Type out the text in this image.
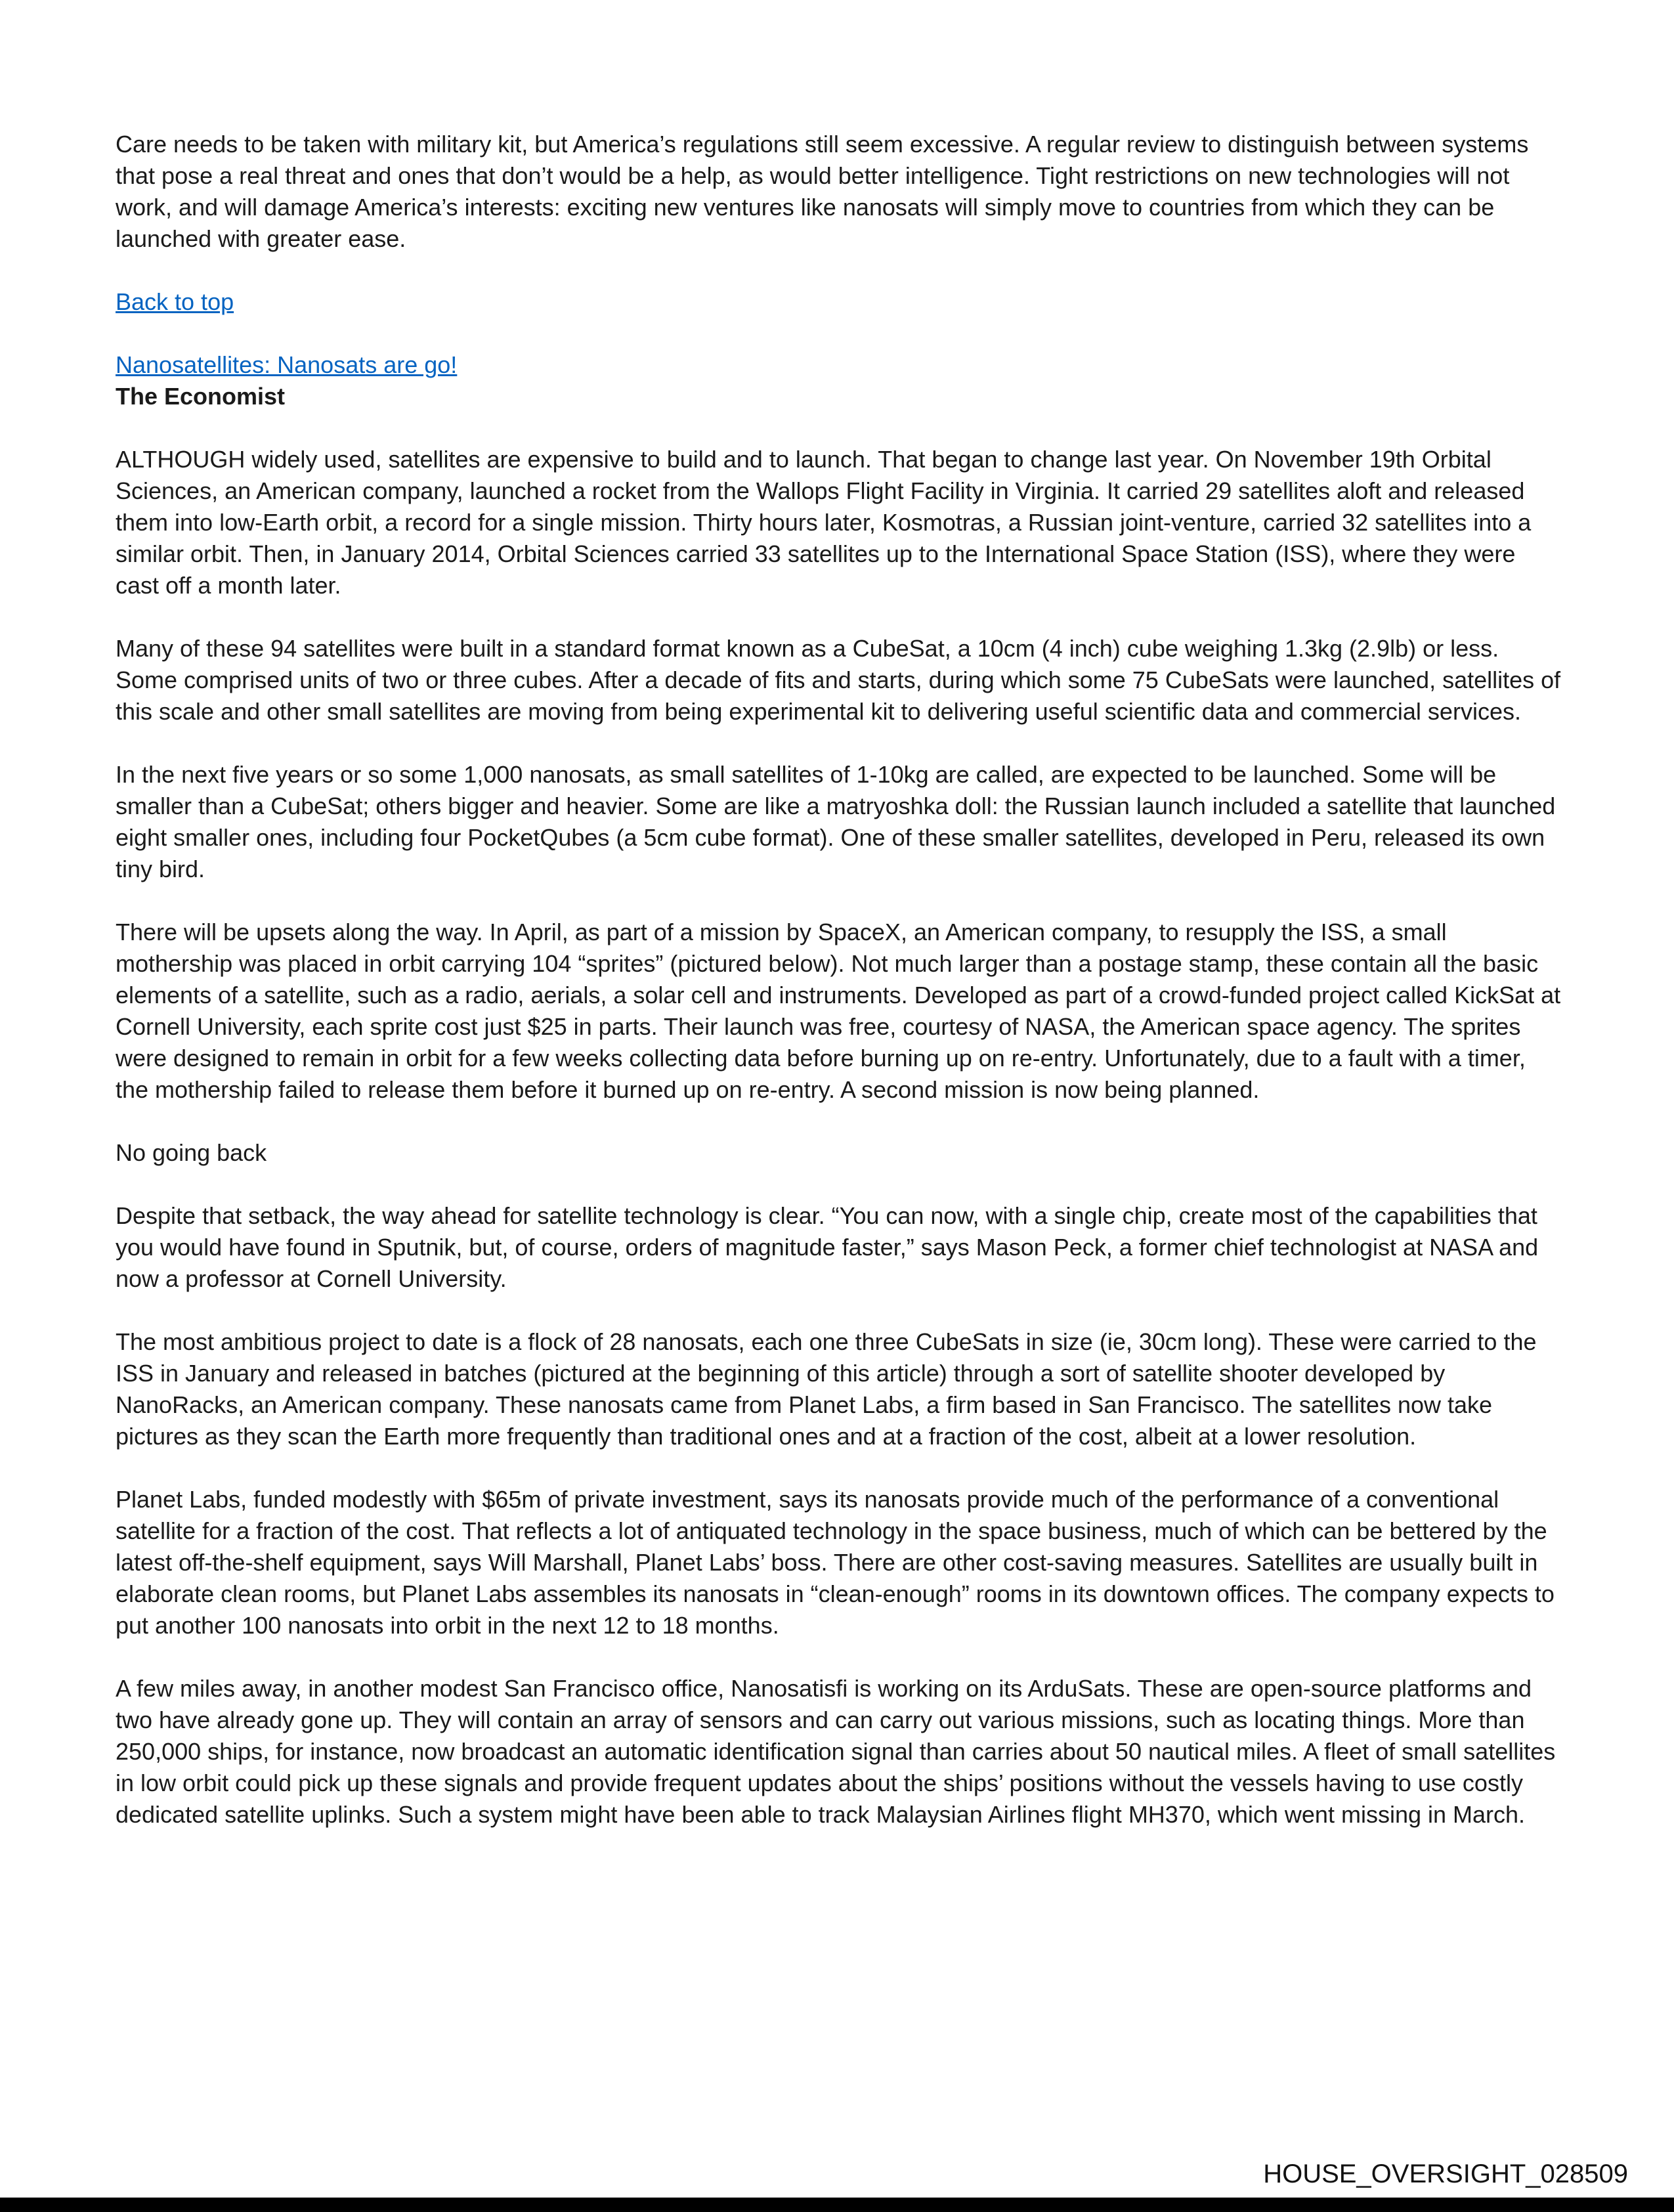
Care needs to be taken with military kit, but America’s regulations still seem excessive. A regular review to distinguish between systems that pose a real threat and ones that don’t would be a help, as would better intelligence. Tight restrictions on new technologies will not work, and will damage America’s interests: exciting new ventures like nanosats will simply move to countries from which they can be launched with greater ease.

Back to top

Nanosatellites: Nanosats are go!

The Economist

ALTHOUGH widely used, satellites are expensive to build and to launch. That began to change last year. On November 19th Orbital Sciences, an American company, launched a rocket from the Wallops Flight Facility in Virginia. It carried 29 satellites aloft and released them into low-Earth orbit, a record for a single mission. Thirty hours later, Kosmotras, a Russian joint-venture, carried 32 satellites into a similar orbit. Then, in January 2014, Orbital Sciences carried 33 satellites up to the International Space Station (ISS), where they were cast off a month later.

Many of these 94 satellites were built in a standard format known as a CubeSat, a 10cm (4 inch) cube weighing 1.3kg (2.9lb) or less. Some comprised units of two or three cubes. After a decade of fits and starts, during which some 75 CubeSats were launched, satellites of this scale and other small satellites are moving from being experimental kit to delivering useful scientific data and commercial services.

In the next five years or so some 1,000 nanosats, as small satellites of 1-10kg are called, are expected to be launched. Some will be smaller than a CubeSat; others bigger and heavier. Some are like a matryoshka doll: the Russian launch included a satellite that launched eight smaller ones, including four PocketQubes (a 5cm cube format). One of these smaller satellites, developed in Peru, released its own tiny bird.

There will be upsets along the way. In April, as part of a mission by SpaceX, an American company, to resupply the ISS, a small mothership was placed in orbit carrying 104 “sprites” (pictured below). Not much larger than a postage stamp, these contain all the basic elements of a satellite, such as a radio, aerials, a solar cell and instruments. Developed as part of a crowd-funded project called KickSat at Cornell University, each sprite cost just $25 in parts. Their launch was free, courtesy of NASA, the American space agency. The sprites were designed to remain in orbit for a few weeks collecting data before burning up on re-entry. Unfortunately, due to a fault with a timer, the mothership failed to release them before it burned up on re-entry. A second mission is now being planned.

No going back

Despite that setback, the way ahead for satellite technology is clear. “You can now, with a single chip, create most of the capabilities that you would have found in Sputnik, but, of course, orders of magnitude faster,” says Mason Peck, a former chief technologist at NASA and now a professor at Cornell University.

The most ambitious project to date is a flock of 28 nanosats, each one three CubeSats in size (ie, 30cm long). These were carried to the ISS in January and released in batches (pictured at the beginning of this article) through a sort of satellite shooter developed by NanoRacks, an American company. These nanosats came from Planet Labs, a firm based in San Francisco. The satellites now take pictures as they scan the Earth more frequently than traditional ones and at a fraction of the cost, albeit at a lower resolution.

Planet Labs, funded modestly with $65m of private investment, says its nanosats provide much of the performance of a conventional satellite for a fraction of the cost. That reflects a lot of antiquated technology in the space business, much of which can be bettered by the latest off-the-shelf equipment, says Will Marshall, Planet Labs’ boss. There are other cost-saving measures. Satellites are usually built in elaborate clean rooms, but Planet Labs assembles its nanosats in “clean-enough” rooms in its downtown offices. The company expects to put another 100 nanosats into orbit in the next 12 to 18 months.

A few miles away, in another modest San Francisco office, Nanosatisfi is working on its ArduSats. These are open-source platforms and two have already gone up. They will contain an array of sensors and can carry out various missions, such as locating things. More than 250,000 ships, for instance, now broadcast an automatic identification signal than carries about 50 nautical miles. A fleet of small satellites in low orbit could pick up these signals and provide frequent updates about the ships’ positions without the vessels having to use costly dedicated satellite uplinks. Such a system might have been able to track Malaysian Airlines flight MH370, which went missing in March.

HOUSE_OVERSIGHT_028509
